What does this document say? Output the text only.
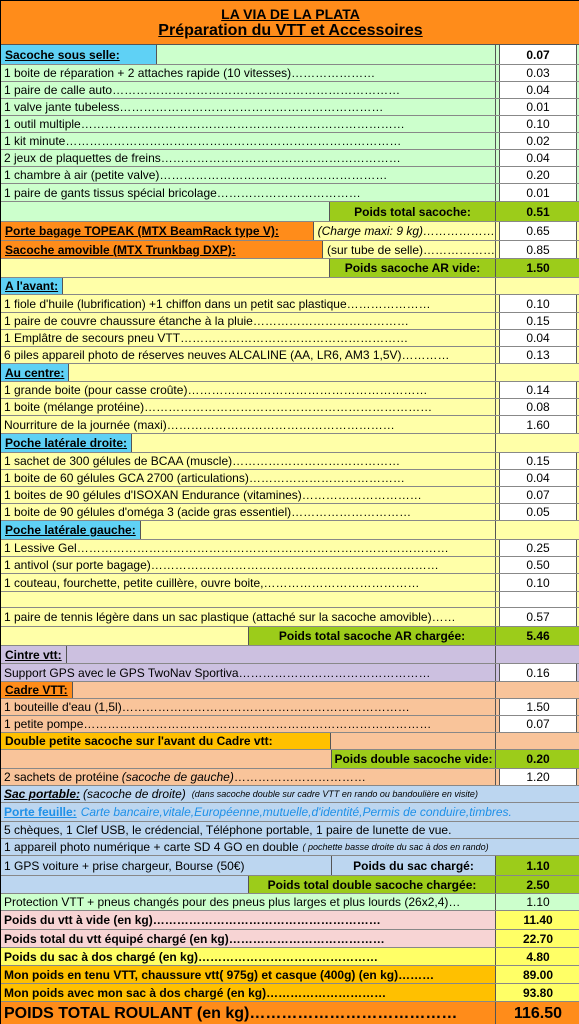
LA VIA DE LA PLATA
Préparation du VTT et Accessoires
Sacoche sous selle:	0.07
1 boite de réparation + 2 attaches rapide (10 vitesses)…………………	0.03
1 paire de calle auto………………………………………………………………	0.04
1 valve jante tubeless…………………………………………………………	0.01
1 outil multiple………………………………………………………………………	0.10
1 kit minute…………………………………………………………………………	0.02
2 jeux de plaquettes de freins……………………………………………………	0.04
1 chambre à air (petite valve)…………………………………………………	0.20
1 paire de gants tissus spécial bricolage………………………………	0.01
Poids total sacoche:	0.51
Porte bagage TOPEAK (MTX BeamRack type V):	(Charge maxi: 9 kg)………………	0.65
Sacoche amovible (MTX Trunkbag DXP):	(sur tube de selle)………………	0.85
Poids sacoche AR vide:	1.50
A l'avant:
1 fiole d'huile (lubrification) +1 chiffon dans un petit sac plastique…………………	0.10
1 paire de couvre chaussure étanche à la pluie…………………………………	0.15
1 Emplâtre de secours pneu VTT…………………………………………………	0.04
6 piles appareil photo de réserves neuves ALCALINE (AA, LR6, AM3 1,5V)…………	0.13
Au centre:
1 grande boite (pour casse croûte)……………………………………………………	0.14
1 boite (mélange protéine)………………………………………………………………	0.08
Nourriture de la journée (maxi)…………………………………………………	1.60
Poche latérale droite:
1 sachet de 300 gélules de BCAA (muscle)……………………………………	0.15
1 boite de 60 gélules GCA 2700 (articulations)…………………………………	0.04
1 boites de 90 gélules d'ISOXAN Endurance (vitamines)…………………………	0.07
1 boite de 90 gélules d'oméga 3 (acide gras essentiel)…………………………	0.05
Poche latérale gauche:
1 Lessive Gel…………………………………………………………………………………	0.25
1 antivol (sur porte bagage)………………………………………………………………	0.50
1 couteau, fourchette, petite cuillère, ouvre boite,…………………………………	0.10
1 paire de tennis légère dans un sac plastique (attaché sur la sacoche amovible)……	0.57
Poids total sacoche AR chargée:	5.46
Cintre vtt:
Support GPS avec le GPS TwoNav Sportiva…………………………………………	0.16
Cadre VTT:
1 bouteille d'eau (1,5l)………………………………………………………………	1.50
1 petite pompe……………………………………………………………………………	0.07
Double petite sacoche sur l'avant du Cadre vtt:
Poids double sacoche vide:	0.20
2 sachets de protéine (sacoche de gauche) ……………………………	1.20
Sac portable: (sacoche de droite) (dans sacoche double sur cadre VTT en rando ou bandoulière en visite)
Porte feuille: Carte bancaire,vitale,Européenne,mutuelle,d'identité,Permis de conduire,timbres.
5 chèques, 1 Clef USB, le crédencial, Téléphone portable, 1 paire de lunette de vue.
1 appareil photo numérique + carte SD 4 GO en double ( pochette basse droite du sac à dos en rando)
1 GPS voiture + prise chargeur, Bourse (50€)	Poids du sac chargé:	1.10
Poids total double sacoche chargée:	2.50
Protection VTT + pneus changés pour des pneus plus larges et plus lourds (26x2,4)…	1.10
Poids du vtt à vide (en kg)…………………………………………………	11.40
Poids total du vtt équipé chargé (en kg)…………………………………	22.70
Poids du sac à dos chargé (en kg)………………………………………	4.80
Mon poids en tenu VTT, chaussure vtt( 975g) et casque (400g) (en kg)………	89.00
Mon poids avec mon sac à dos chargé (en kg)…………………………	93.80
POIDS TOTAL ROULANT (en kg)…………………………………	116.50
